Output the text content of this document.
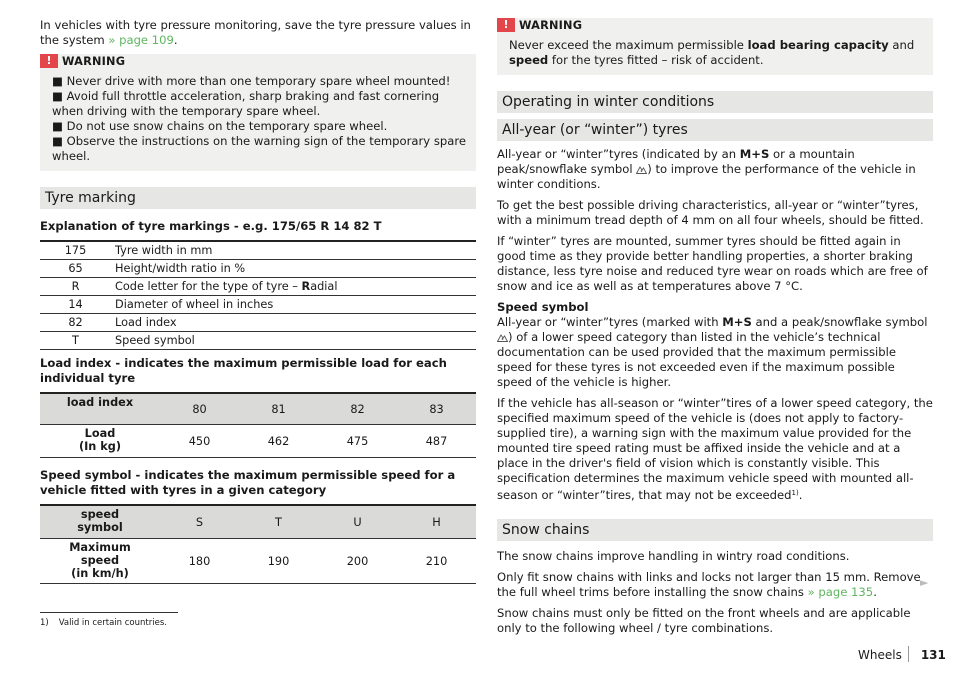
In vehicles with tyre pressure monitoring, save the tyre pressure values in the system » page 109.

! WARNING
■ Never drive with more than one temporary spare wheel mounted!
■ Avoid full throttle acceleration, sharp braking and fast cornering when driving with the temporary spare wheel.
■ Do not use snow chains on the temporary spare wheel.
■ Observe the instructions on the warning sign of the temporary spare wheel.
Tyre marking

Explanation of tyre markings - e.g. 175/65 R 14 82 T

175	Tyre width in mm
65	Height/width ratio in %
R	Code letter for the type of tyre – Radial
14	Diameter of wheel in inches
82	Load index
T	Speed symbol

Load index - indicates the maximum permissible load for each individual tyre

load index	80	81	82	83
Load
(In kg)	450	462	475	487

Speed symbol - indicates the maximum permissible speed for a vehicle fitted with tyres in a given category

speed
symbol	S	T	U	H
Maximum
speed
(in km/h)	180	190	200	210
! WARNING

Never exceed the maximum permissible load bearing capacity and speed for the tyres fitted – risk of accident.

Operating in winter conditions
All-year (or “winter”) tyres

All-year or “winter”tyres (indicated by an M+S or a mountain peak/snowflake symbol
) to improve the performance of the vehicle in winter conditions.

To get the best possible driving characteristics, all-year or “winter”tyres, with a minimum tread depth of 4 mm on all four wheels, should be fitted.

If “winter” tyres are mounted, summer tyres should be fitted again in good time as they provide better handling properties, a shorter braking distance, less tyre noise and reduced tyre wear on roads which are free of snow and ice as well as at temperatures above 7 °C.

Speed symbol
All-year or “winter”tyres (marked with M+S and a peak/snowflake symbol
) of a lower speed category than listed in the vehicle’s technical documentation can be used provided that the maximum permissible speed for these tyres is not exceeded even if the maximum possible speed of the vehicle is higher.

If the vehicle has all-season or “winter”tires of a lower speed category, the specified maximum speed of the vehicle is (does not apply to factory-supplied tire), a warning sign with the maximum value provided for the mounted tire speed rating must be affixed inside the vehicle and at a place in the driver's field of vision which is constantly visible. This specification determines the maximum vehicle speed with mounted all-season or “winter”tires, that may not be exceeded$^{1)}$.

Snow chains

The snow chains improve handling in wintry road conditions.

Only fit snow chains with links and locks not larger than 15 mm. Remove the full wheel trims before installing the snow chains » page 135.

Snow chains must only be fitted on the front wheels and are applicable only to the following wheel / tyre combinations.

►
1) Valid in certain countries.
Wheels 131
